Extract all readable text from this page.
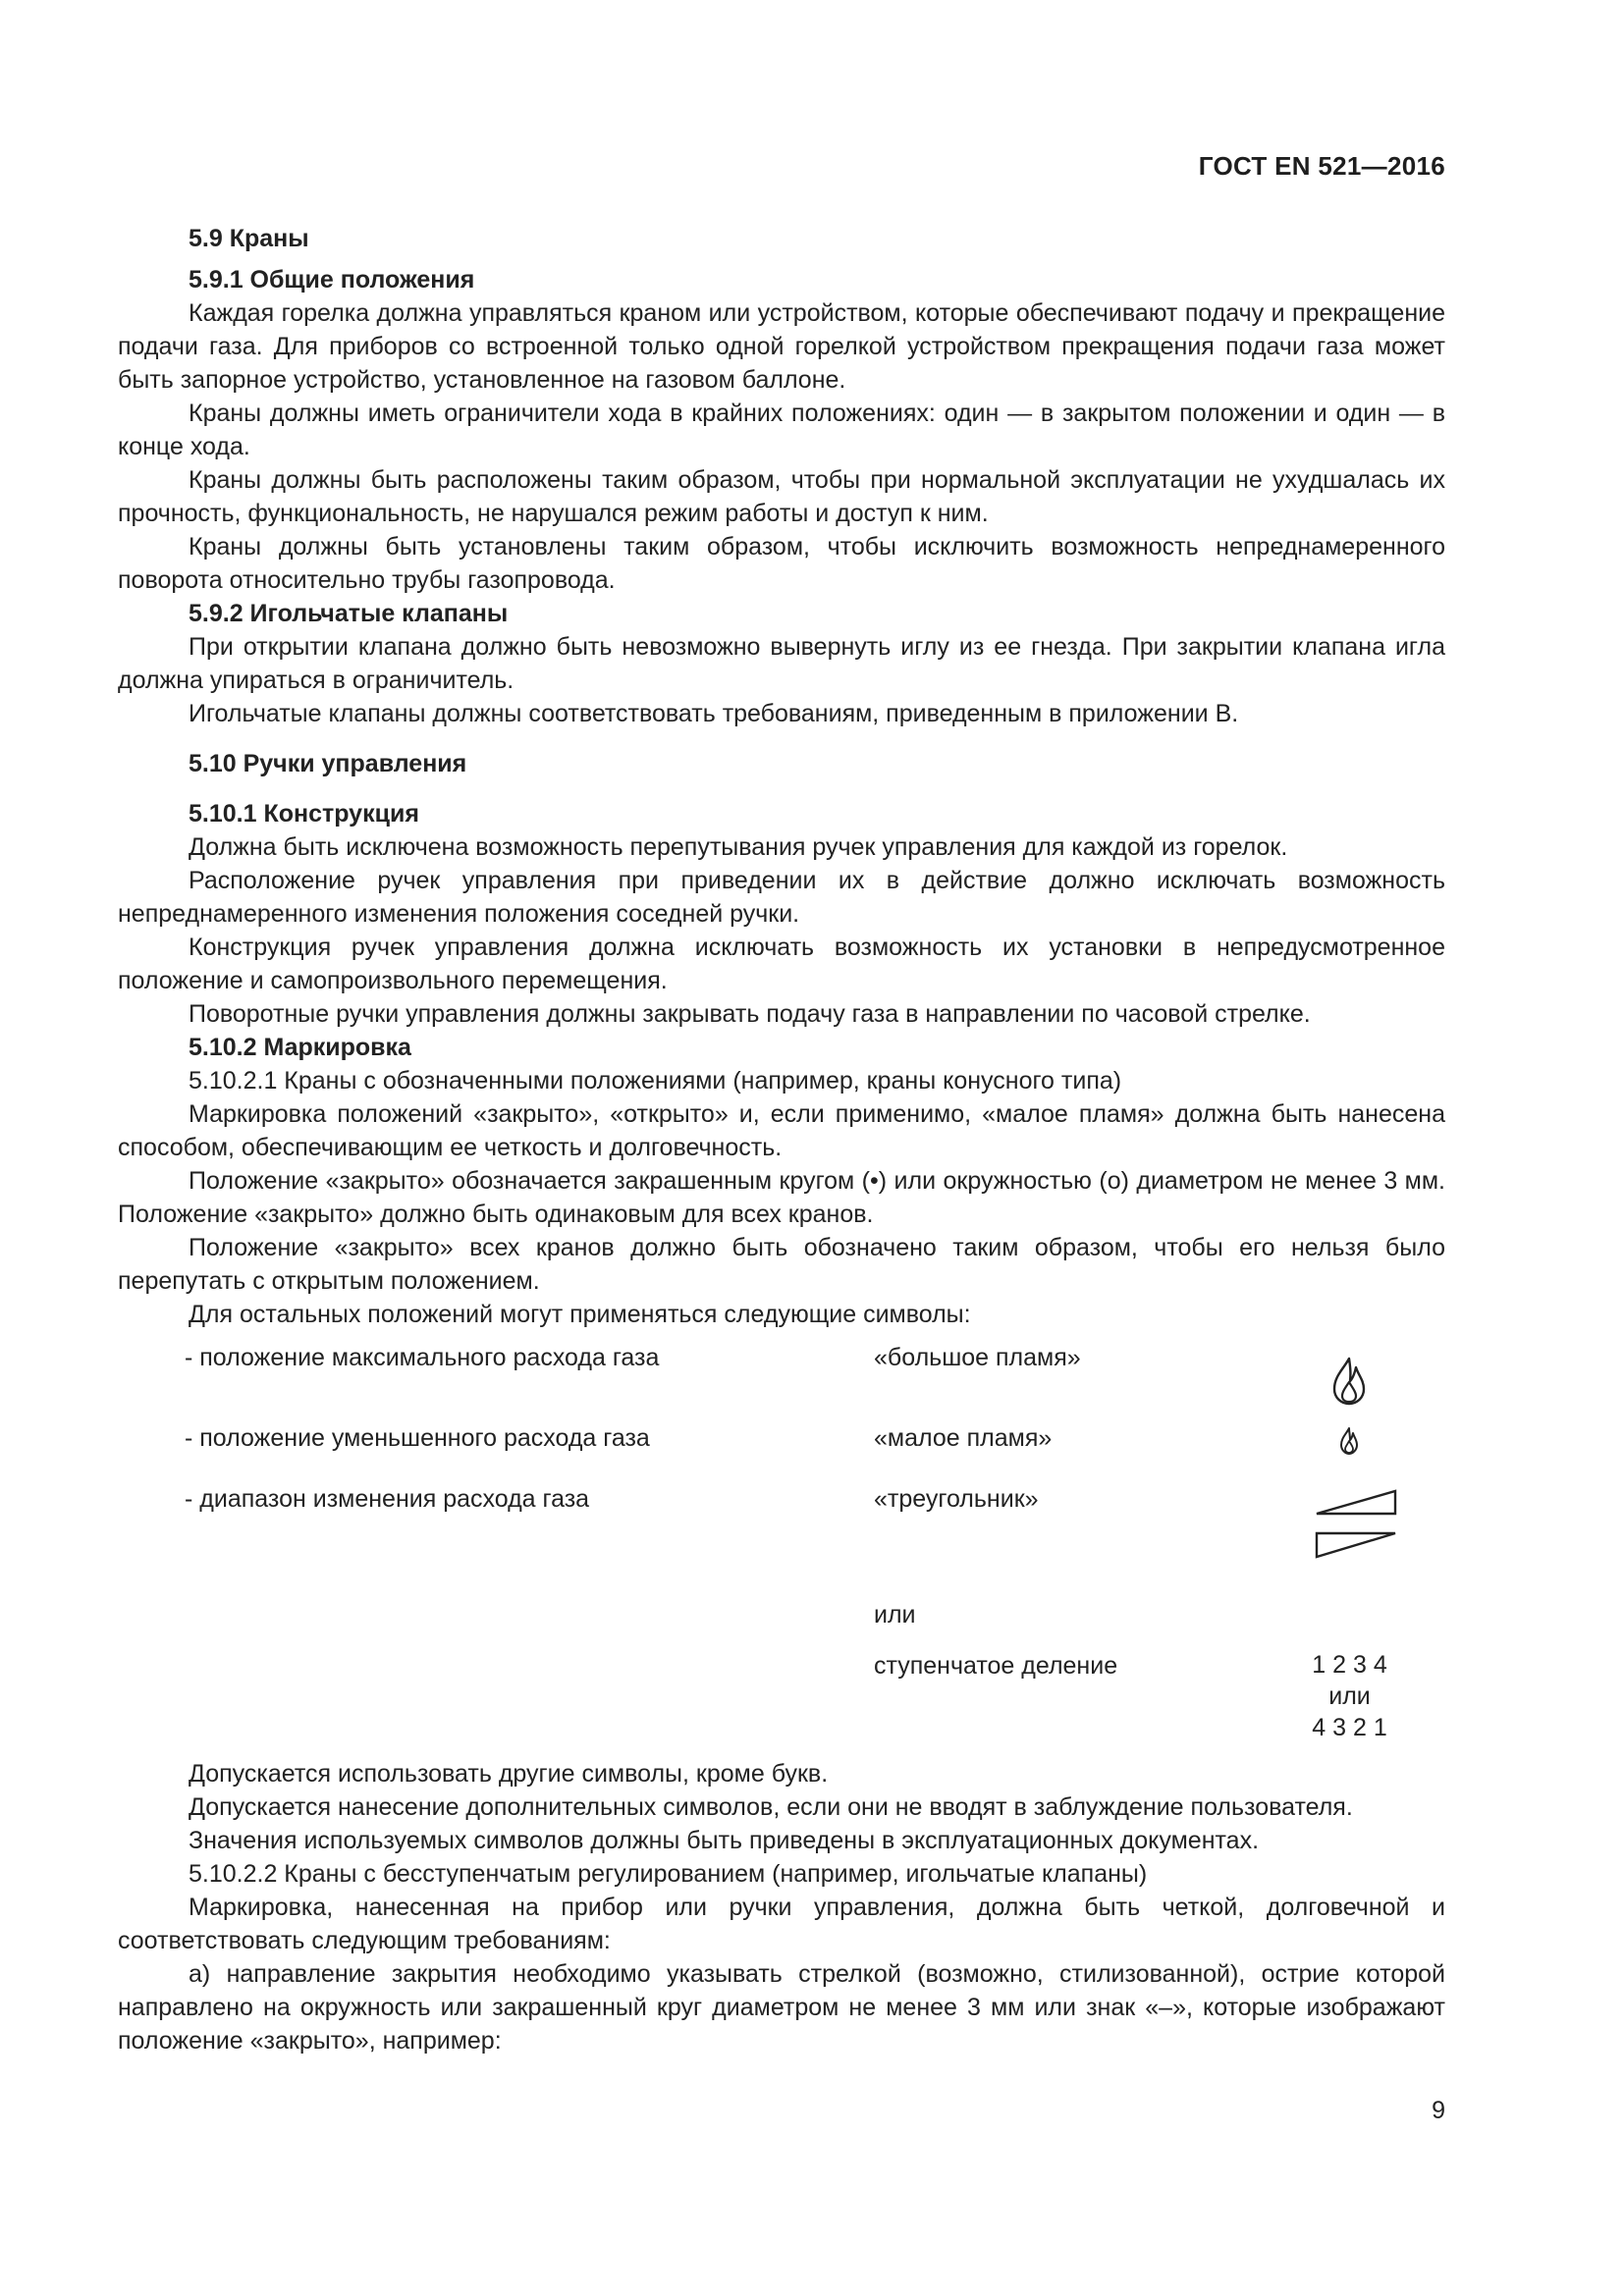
ГОСТ EN 521—2016
5.9 Краны
5.9.1 Общие положения

Каждая горелка должна управляться краном или устройством, которые обеспечивают подачу и прекращение подачи газа. Для приборов со встроенной только одной горелкой устройством прекращения подачи газа может быть запорное устройство, установленное на газовом баллоне.

Краны должны иметь ограничители хода в крайних положениях: один — в закрытом положении и один — в конце хода.

Краны должны быть расположены таким образом, чтобы при нормальной эксплуатации не ухудшалась их прочность, функциональность, не нарушался режим работы и доступ к ним.

Краны должны быть установлены таким образом, чтобы исключить возможность непреднамеренного поворота относительно трубы газопровода.

5.9.2 Игольчатые клапаны

При открытии клапана должно быть невозможно вывернуть иглу из ее гнезда. При закрытии клапана игла должна упираться в ограничитель.

Игольчатые клапаны должны соответствовать требованиям, приведенным в приложении В.

5.10 Ручки управления
5.10.1 Конструкция

Должна быть исключена возможность перепутывания ручек управления для каждой из горелок.

Расположение ручек управления при приведении их в действие должно исключать возможность непреднамеренного изменения положения соседней ручки.

Конструкция ручек управления должна исключать возможность их установки в непредусмотренное положение и самопроизвольного перемещения.

Поворотные ручки управления должны закрывать подачу газа в направлении по часовой стрелке.

5.10.2 Маркировка

5.10.2.1 Краны с обозначенными положениями (например, краны конусного типа)

Маркировка положений «закрыто», «открыто» и, если применимо, «малое пламя» должна быть нанесена способом, обеспечивающим ее четкость и долговечность.

Положение «закрыто» обозначается закрашенным кругом (•) или окружностью (о) диаметром не менее 3 мм. Положение «закрыто» должно быть одинаковым для всех кранов.

Положение «закрыто» всех кранов должно быть обозначено таким образом, чтобы его нельзя было перепутать с открытым положением.

Для остальных положений могут применяться следующие символы:

- положение максимального расхода газа	«большое пламя»
- положение уменьшенного расхода газа	«малое пламя»
- диапазон изменения расхода газа	«треугольник»
или
ступенчатое деление	1 2 3 4
или
4 3 2 1

Допускается использовать другие символы, кроме букв.

Допускается нанесение дополнительных символов, если они не вводят в заблуждение пользователя.

Значения используемых символов должны быть приведены в эксплуатационных документах.

5.10.2.2 Краны с бесступенчатым регулированием (например, игольчатые клапаны)

Маркировка, нанесенная на прибор или ручки управления, должна быть четкой, долговечной и соответствовать следующим требованиям:

а) направление закрытия необходимо указывать стрелкой (возможно, стилизованной), острие которой направлено на окружность или закрашенный круг диаметром не менее 3 мм или знак «–», которые изображают положение «закрыто», например:

9
